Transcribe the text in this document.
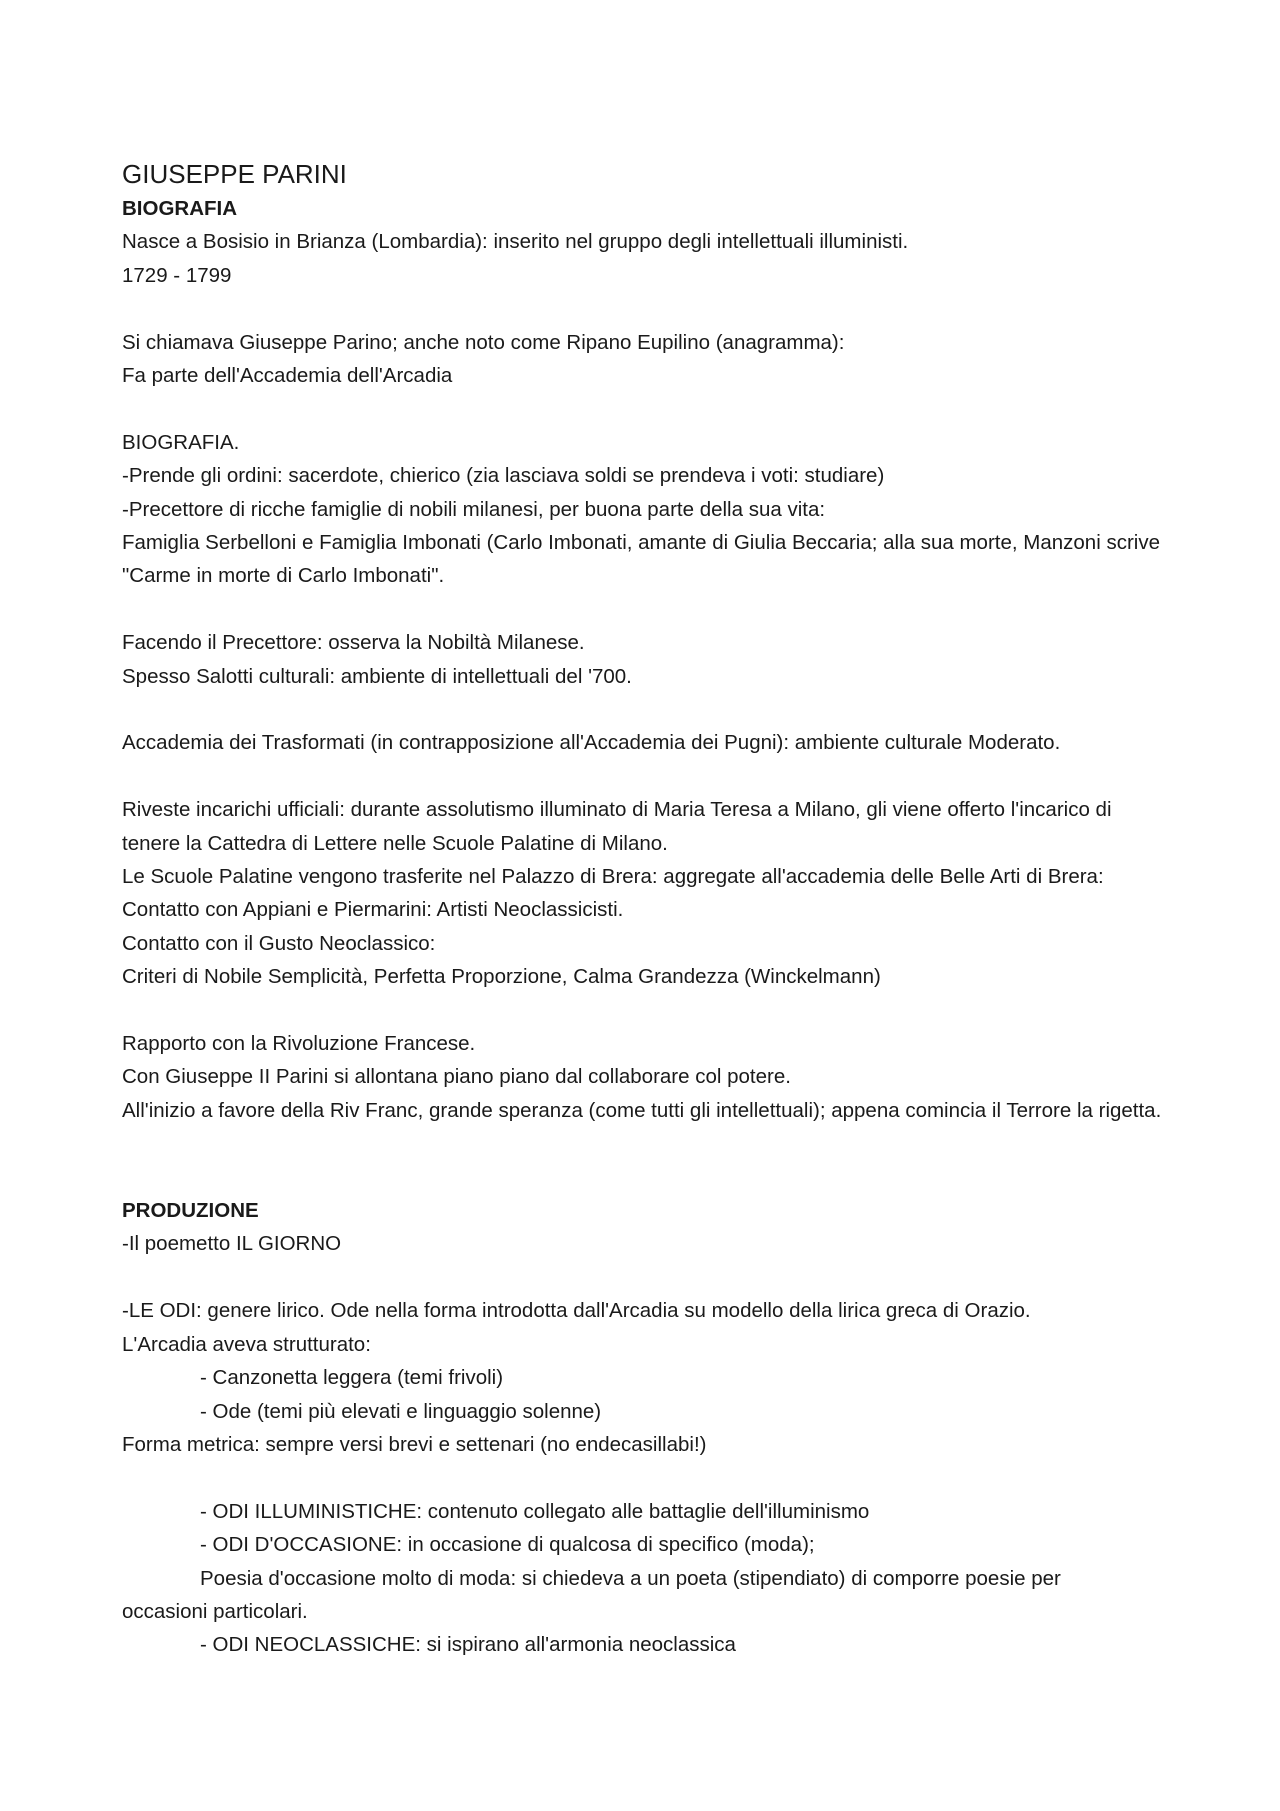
GIUSEPPE PARINI

BIOGRAFIA

Nasce a Bosisio in Brianza (Lombardia): inserito nel gruppo degli intellettuali illuministi.

1729 - 1799

Si chiamava Giuseppe Parino; anche noto come Ripano Eupilino (anagramma):

Fa parte dell'Accademia dell'Arcadia

BIOGRAFIA.

-Prende gli ordini: sacerdote, chierico (zia lasciava soldi se prendeva i voti: studiare)

-Precettore di ricche famiglie di nobili milanesi, per buona parte della sua vita:

Famiglia Serbelloni e Famiglia Imbonati (Carlo Imbonati, amante di Giulia Beccaria; alla sua morte, Manzoni scrive "Carme in morte di Carlo Imbonati".

Facendo il Precettore: osserva la Nobiltà Milanese.

Spesso Salotti culturali: ambiente di intellettuali del '700.

Accademia dei Trasformati (in contrapposizione all'Accademia dei Pugni): ambiente culturale Moderato.

Riveste incarichi ufficiali: durante assolutismo illuminato di Maria Teresa a Milano, gli viene offerto l'incarico di tenere la Cattedra di Lettere nelle Scuole Palatine di Milano.

Le Scuole Palatine vengono trasferite nel Palazzo di Brera: aggregate all'accademia delle Belle Arti di Brera:

Contatto con Appiani e Piermarini: Artisti Neoclassicisti.

Contatto con il Gusto Neoclassico:

Criteri di Nobile Semplicità, Perfetta Proporzione, Calma Grandezza (Winckelmann)

Rapporto con la Rivoluzione Francese.

Con Giuseppe II Parini si allontana piano piano dal collaborare col potere.

All'inizio a favore della Riv Franc, grande speranza (come tutti gli intellettuali); appena comincia il Terrore la rigetta.

PRODUZIONE

-Il poemetto IL GIORNO

-LE ODI: genere lirico. Ode nella forma introdotta dall'Arcadia su modello della lirica greca di Orazio.

L'Arcadia aveva strutturato:

- Canzonetta leggera (temi frivoli)

- Ode (temi più elevati e linguaggio solenne)

Forma metrica: sempre versi brevi e settenari (no endecasillabi!)

- ODI ILLUMINISTICHE: contenuto collegato alle battaglie dell'illuminismo

- ODI D'OCCASIONE: in occasione di qualcosa di specifico (moda);

Poesia d'occasione molto di moda: si chiedeva a un poeta (stipendiato) di comporre poesie per

occasioni particolari.

- ODI NEOCLASSICHE: si ispirano all'armonia neoclassica
